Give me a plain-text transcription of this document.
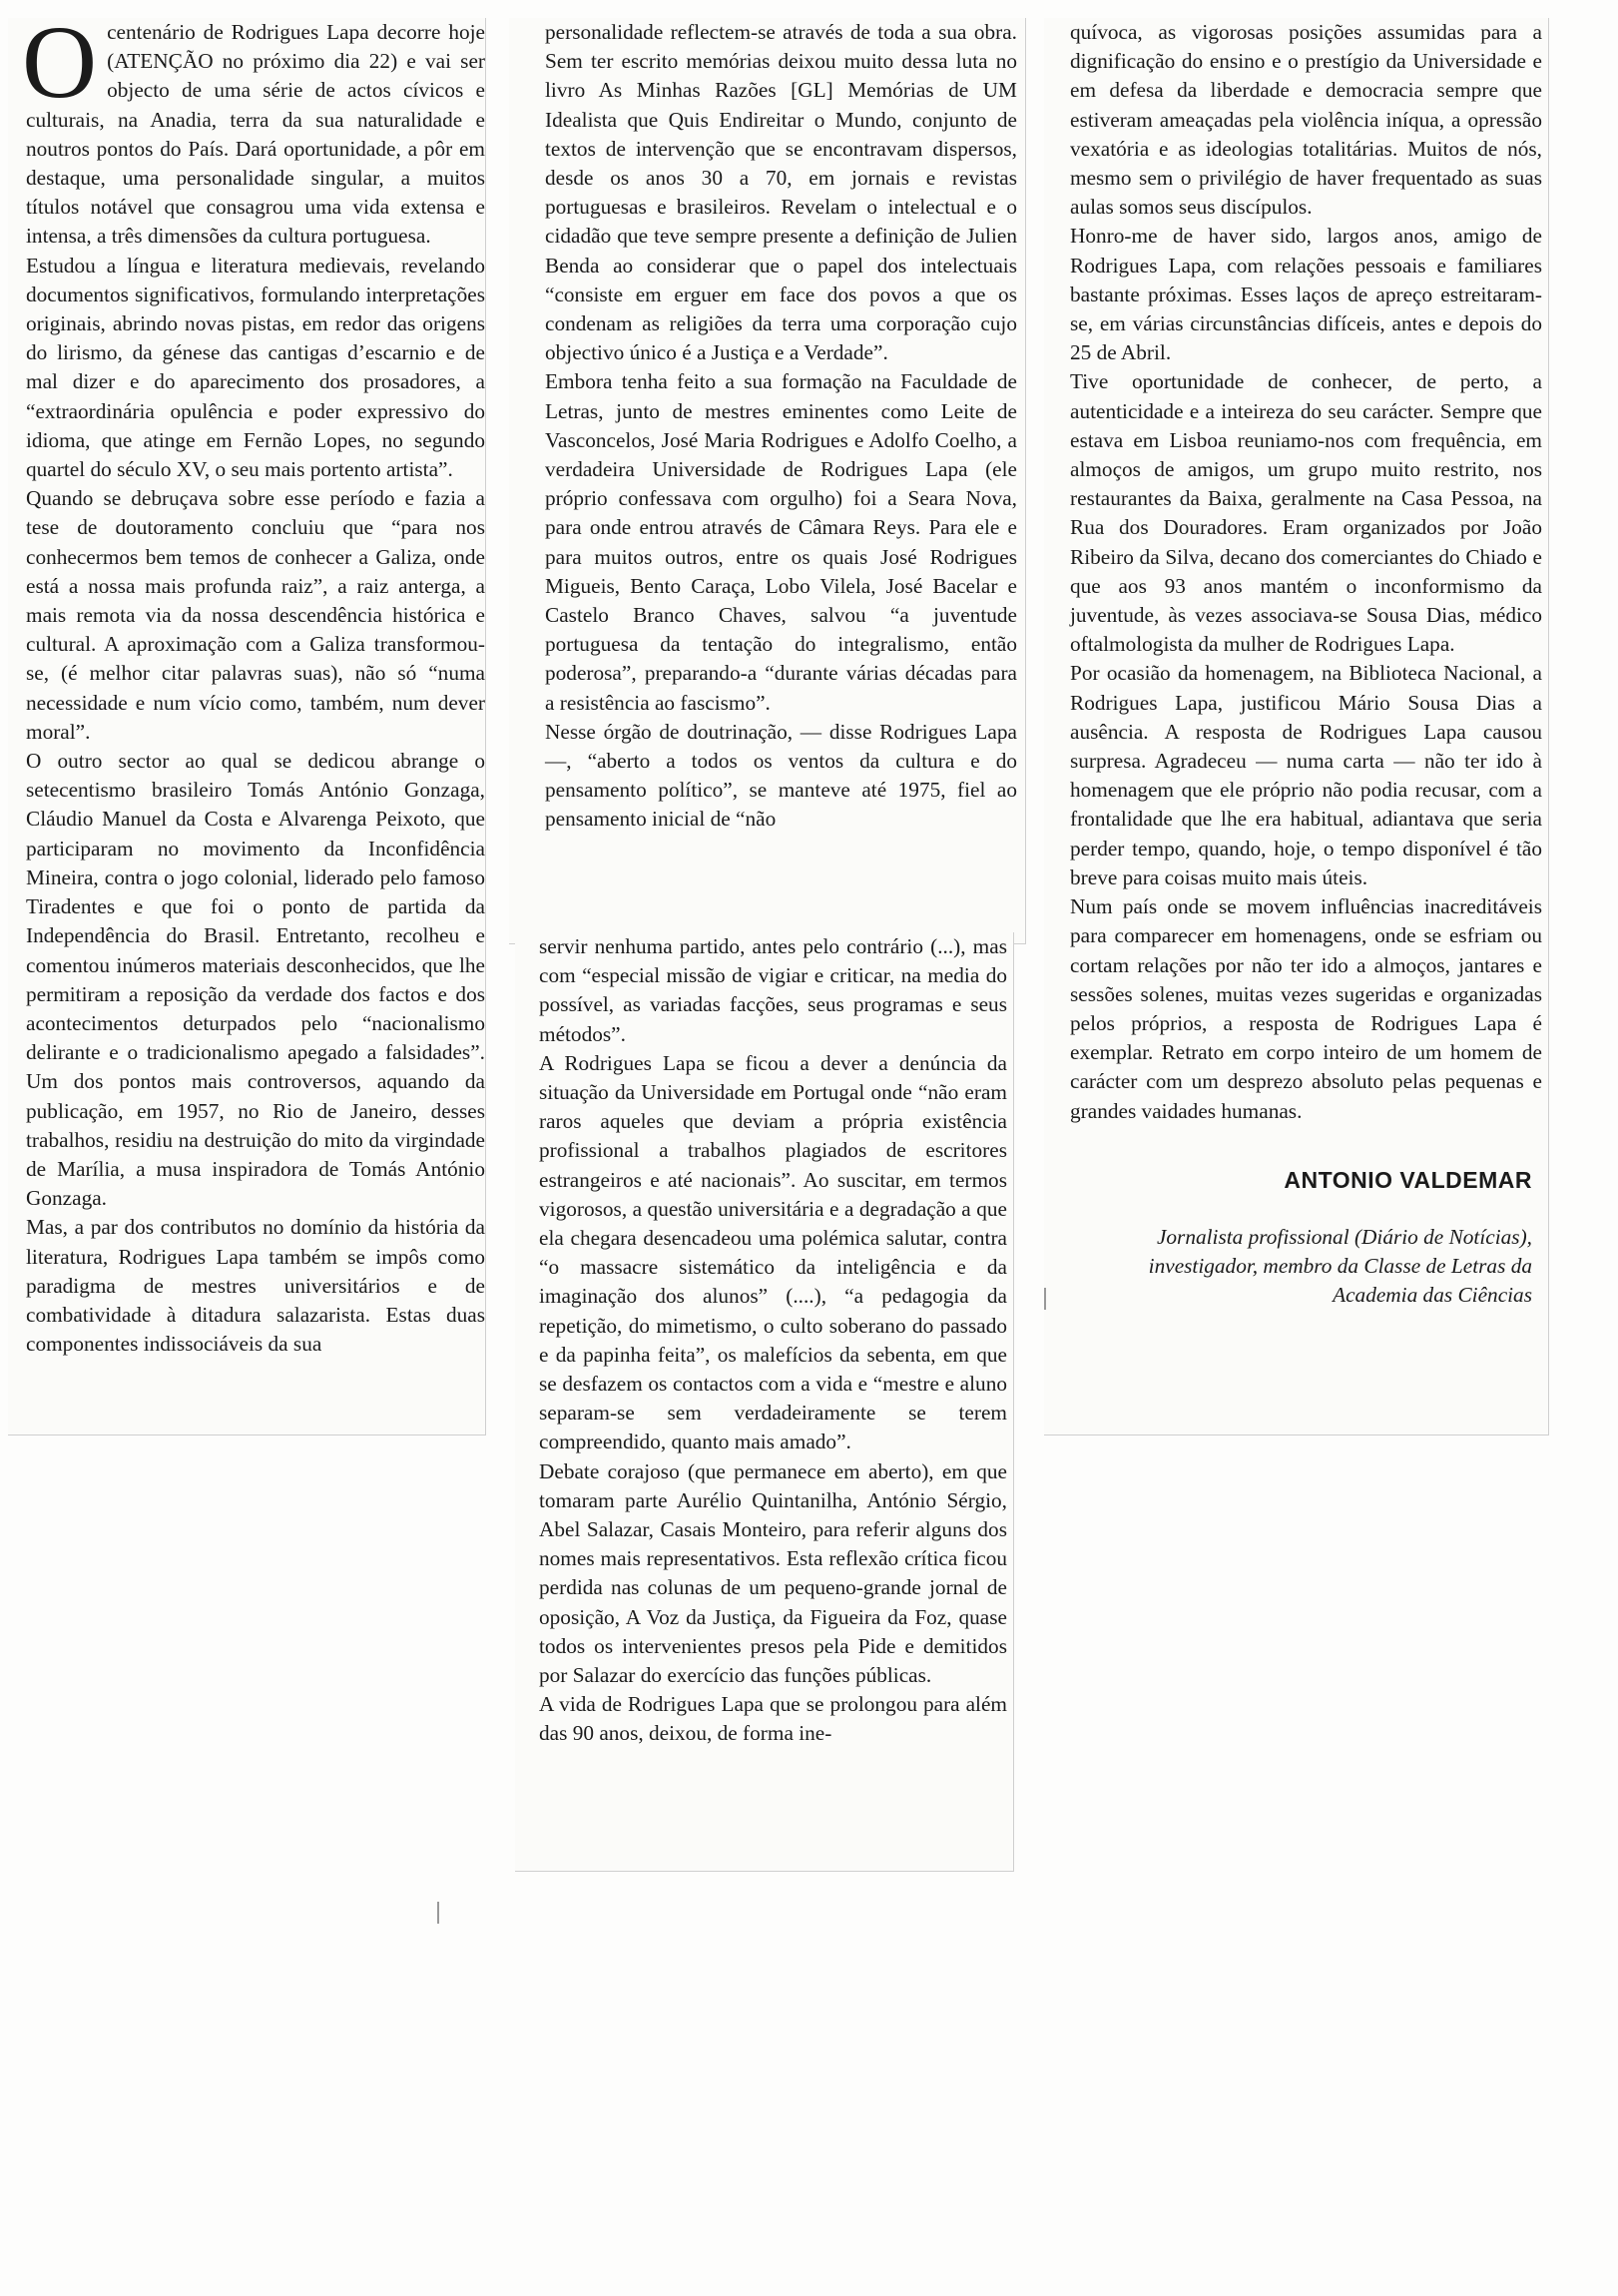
O centenário de Rodrigues Lapa decorre hoje (ATENÇÃO no próximo dia 22) e vai ser objecto de uma série de actos cívicos e culturais, na Anadia, terra da sua naturalidade e noutros pontos do País. Dará oportunidade, a pôr em destaque, uma personalidade singular, a muitos títulos notável que consagrou uma vida extensa e intensa, a três dimensões da cultura portuguesa.

Estudou a língua e literatura medievais, revelando documentos significativos, formulando interpretações originais, abrindo novas pistas, em redor das origens do lirismo, da génese das cantigas d’escarnio e de mal dizer e do aparecimento dos prosadores, a “extraordinária opulência e poder expressivo do idioma, que atinge em Fernão Lopes, no segundo quartel do século XV, o seu mais portento artista”.

Quando se debruçava sobre esse período e fazia a tese de doutoramento concluiu que “para nos conhecermos bem temos de conhecer a Galiza, onde está a nossa mais profunda raiz”, a raiz anterga, a mais remota via da nossa descendência histórica e cultural. A aproximação com a Galiza transformou-se, (é melhor citar palavras suas), não só “numa necessidade e num vício como, também, num dever moral”.

O outro sector ao qual se dedicou abrange o setecentismo brasileiro Tomás António Gonzaga, Cláudio Manuel da Costa e Alvarenga Peixoto, que participaram no movimento da Inconfidência Mineira, contra o jogo colonial, liderado pelo famoso Tiradentes e que foi o ponto de partida da Independência do Brasil. Entretanto, recolheu e comentou inúmeros materiais desconhecidos, que lhe permitiram a reposição da verdade dos factos e dos acontecimentos deturpados pelo “nacionalismo delirante e o tradicionalismo apegado a falsidades”. Um dos pontos mais controversos, aquando da publicação, em 1957, no Rio de Janeiro, desses trabalhos, residiu na destruição do mito da virgindade de Marília, a musa inspiradora de Tomás António Gonzaga.

Mas, a par dos contributos no domínio da história da literatura, Rodrigues Lapa também se impôs como paradigma de mestres universitários e de combatividade à ditadura salazarista. Estas duas componentes indissociáveis da sua

personalidade reflectem-se através de toda a sua obra. Sem ter escrito memórias deixou muito dessa luta no livro As Minhas Razões [GL] Memórias de UM Idealista que Quis Endireitar o Mundo, conjunto de textos de intervenção que se encontravam dispersos, desde os anos 30 a 70, em jornais e revistas portuguesas e brasileiros. Revelam o intelectual e o cidadão que teve sempre presente a definição de Julien Benda ao considerar que o papel dos intelectuais “consiste em erguer em face dos povos a que os condenam as religiões da terra uma corporação cujo objectivo único é a Justiça e a Verdade”.

Embora tenha feito a sua formação na Faculdade de Letras, junto de mestres eminentes como Leite de Vasconcelos, José Maria Rodrigues e Adolfo Coelho, a verdadeira Universidade de Rodrigues Lapa (ele próprio confessava com orgulho) foi a Seara Nova, para onde entrou através de Câmara Reys. Para ele e para muitos outros, entre os quais José Rodrigues Migueis, Bento Caraça, Lobo Vilela, José Bacelar e Castelo Branco Chaves, salvou “a juventude portuguesa da tentação do integralismo, então poderosa”, preparando-a “durante várias décadas para a resistência ao fascismo”.

Nesse órgão de doutrinação, — disse Rodrigues Lapa —, “aberto a todos os ventos da cultura e do pensamento político”, se manteve até 1975, fiel ao pensamento inicial de “não

servir nenhuma partido, antes pelo contrário (...), mas com “especial missão de vigiar e criticar, na media do possível, as variadas facções, seus programas e seus métodos”.

A Rodrigues Lapa se ficou a dever a denúncia da situação da Universidade em Portugal onde “não eram raros aqueles que deviam a própria existência profissional a trabalhos plagiados de escritores estrangeiros e até nacionais”. Ao suscitar, em termos vigorosos, a questão universitária e a degradação a que ela chegara desencadeou uma polémica salutar, contra “o massacre sistemático da inteligência e da imaginação dos alunos” (....), “a pedagogia da repetição, do mimetismo, o culto soberano do passado e da papinha feita”, os malefícios da sebenta, em que se desfazem os contactos com a vida e “mestre e aluno separam-se sem verdadeiramente se terem compreendido, quanto mais amado”.

Debate corajoso (que permanece em aberto), em que tomaram parte Aurélio Quintanilha, António Sérgio, Abel Salazar, Casais Monteiro, para referir alguns dos nomes mais representativos. Esta reflexão crítica ficou perdida nas colunas de um pequeno-grande jornal de oposição, A Voz da Justiça, da Figueira da Foz, quase todos os intervenientes presos pela Pide e demitidos por Salazar do exercício das funções públicas.

A vida de Rodrigues Lapa que se prolongou para além das 90 anos, deixou, de forma ine-

quívoca, as vigorosas posições assumidas para a dignificação do ensino e o prestígio da Universidade e em defesa da liberdade e democracia sempre que estiveram ameaçadas pela violência iníqua, a opressão vexatória e as ideologias totalitárias. Muitos de nós, mesmo sem o privilégio de haver frequentado as suas aulas somos seus discípulos.

Honro-me de haver sido, largos anos, amigo de Rodrigues Lapa, com relações pessoais e familiares bastante próximas. Esses laços de apreço estreitaram-se, em várias circunstâncias difíceis, antes e depois do 25 de Abril.

Tive oportunidade de conhecer, de perto, a autenticidade e a inteireza do seu carácter. Sempre que estava em Lisboa reuniamo-nos com frequência, em almoços de amigos, um grupo muito restrito, nos restaurantes da Baixa, geralmente na Casa Pessoa, na Rua dos Douradores. Eram organizados por João Ribeiro da Silva, decano dos comerciantes do Chiado e que aos 93 anos mantém o inconformismo da juventude, às vezes associava-se Sousa Dias, médico oftalmologista da mulher de Rodrigues Lapa.

Por ocasião da homenagem, na Biblioteca Nacional, a Rodrigues Lapa, justificou Mário Sousa Dias a ausência. A resposta de Rodrigues Lapa causou surpresa. Agradeceu — numa carta — não ter ido à homenagem que ele próprio não podia recusar, com a frontalidade que lhe era habitual, adiantava que seria perder tempo, quando, hoje, o tempo disponível é tão breve para coisas muito mais úteis.

Num país onde se movem influências inacreditáveis para comparecer em homenagens, onde se esfriam ou cortam relações por não ter ido a almoços, jantares e sessões solenes, muitas vezes sugeridas e organizadas pelos próprios, a resposta de Rodrigues Lapa é exemplar. Retrato em corpo inteiro de um homem de carácter com um desprezo absoluto pelas pequenas e grandes vaidades humanas.

ANTONIO VALDEMAR
Jornalista profissional (Diário de Notícias), investigador, membro da Classe de Letras da Academia das Ciências
